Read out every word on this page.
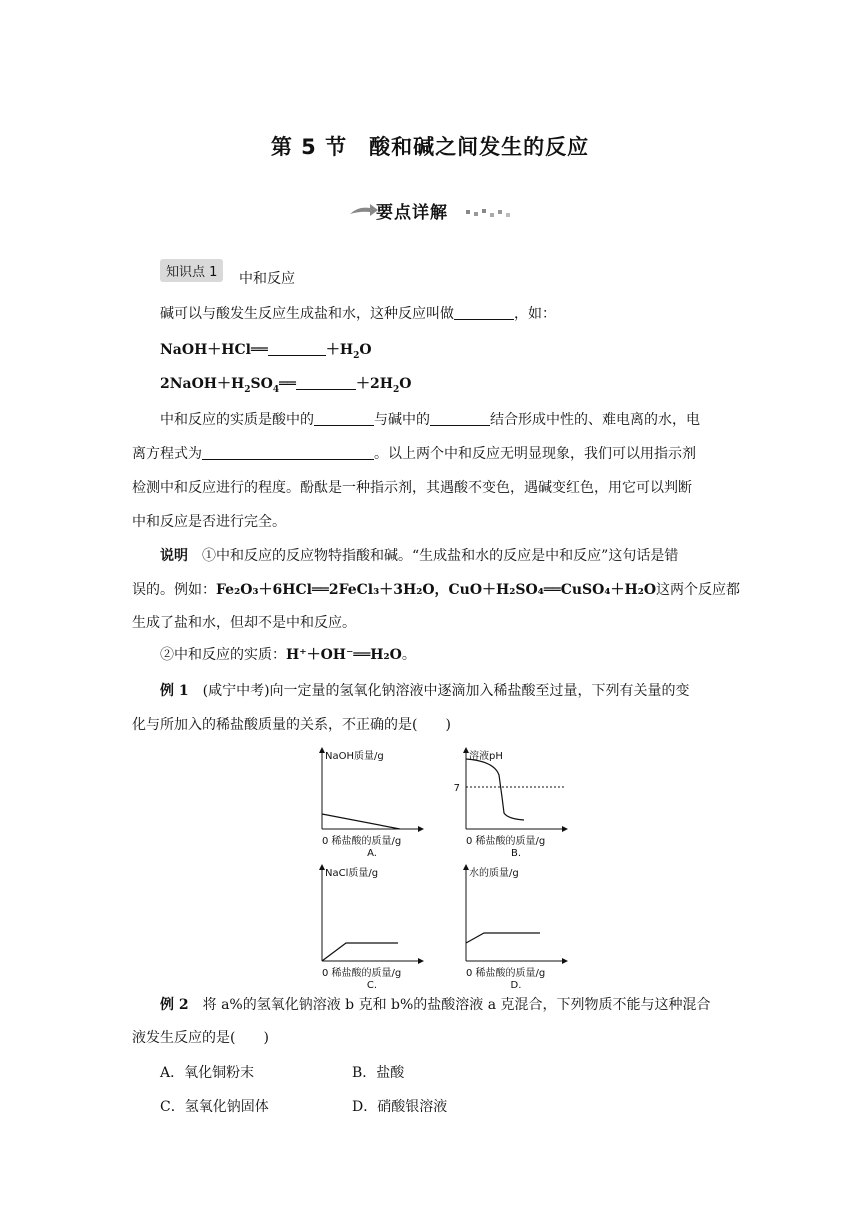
第 5 节　酸和碱之间发生的反应
要点详解
知识点 1	中和反应
碱可以与酸发生反应生成盐和水，这种反应叫做	，如：
NaOH＋HCl══	$+H_2O$
$2NaOH+H_2SO_4══$	$+2H_2O$
中和反应的实质是酸中的	与碱中的	结合形成中性的、难电离的水，电
离方程式为	。以上两个中和反应无明显现象，我们可以用指示剂
检测中和反应进行的程度。酚酞是一种指示剂，其遇酸不变色，遇碱变红色，用它可以判断
中和反应是否进行完全。
说明　 ①中和反应的反应物特指酸和碱。“生成盐和水的反应是中和反应”这句话是错
误的。例如：Fe₂O₃＋6HCl══2FeCl₃＋3H₂O，CuO＋H₂SO₄══CuSO₄＋H₂O这两个反应都
生成了盐和水，但却不是中和反应。
②中和反应的实质：H⁺＋OH⁻══H₂O。
例 1　 (咸宁中考)向一定量的氢氧化钠溶液中逐滴加入稀盐酸至过量，下列有关量的变
化与所加入的稀盐酸质量的关系，不正确的是(　　)
NaOH质量/g
0 稀盐酸的质量/g
A.
溶液pH
0 稀盐酸的质量/g
B.
7
NaCl质量/g
0 稀盐酸的质量/g
C.
水的质量/g
0 稀盐酸的质量/g
D.
例 2　 将 a%的氢氧化钠溶液 b 克和 b%的盐酸溶液 a 克混合，下列物质不能与这种混合
液发生反应的是(　　)
A．氧化铜粉末	B．盐酸
C．氢氧化钠固体	D．硝酸银溶液
